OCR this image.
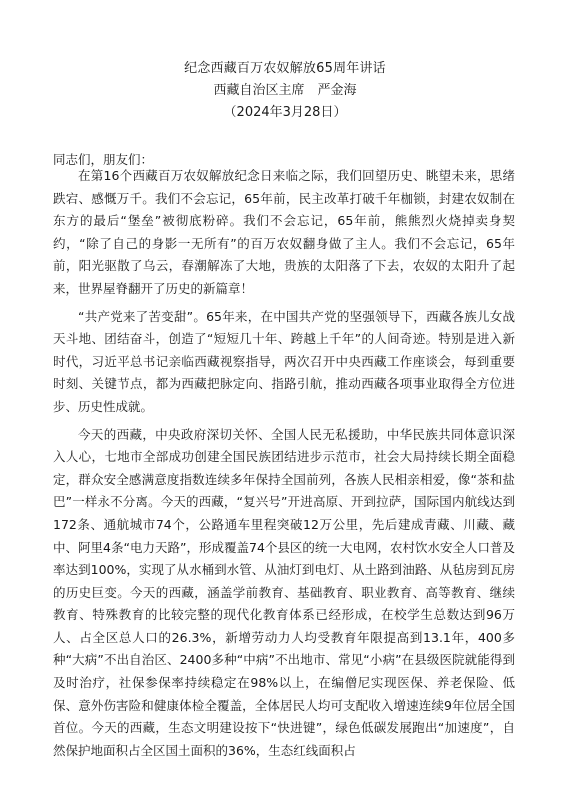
纪念西藏百万农奴解放65周年讲话
西藏自治区主席　严金海
（2024年3月28日）
同志们，朋友们：

在第16个西藏百万农奴解放纪念日来临之际，我们回望历史、眺望未来，思绪跌宕、感慨万千。我们不会忘记，65年前，民主改革打破千年枷锁，封建农奴制在东方的最后“堡垒”被彻底粉碎。我们不会忘记，65年前，熊熊烈火烧掉卖身契约，“除了自己的身影一无所有”的百万农奴翻身做了主人。我们不会忘记，65年前，阳光驱散了乌云，春潮解冻了大地，贵族的太阳落了下去，农奴的太阳升了起来，世界屋脊翻开了历史的新篇章！

“共产党来了苦变甜”。65年来，在中国共产党的坚强领导下，西藏各族儿女战天斗地、团结奋斗，创造了“短短几十年、跨越上千年”的人间奇迹。特别是进入新时代，习近平总书记亲临西藏视察指导，两次召开中央西藏工作座谈会，每到重要时刻、关键节点，都为西藏把脉定向、指路引航，推动西藏各项事业取得全方位进步、历史性成就。

今天的西藏，中央政府深切关怀、全国人民无私援助，中华民族共同体意识深入人心，七地市全部成功创建全国民族团结进步示范市，社会大局持续长期全面稳定，群众安全感满意度指数连续多年保持全国前列，各族人民相亲相爱，像“茶和盐巴”一样永不分离。今天的西藏，“复兴号”开进高原、开到拉萨，国际国内航线达到172条、通航城市74个，公路通车里程突破12万公里，先后建成青藏、川藏、藏中、阿里4条“电力天路”，形成覆盖74个县区的统一大电网，农村饮水安全人口普及率达到100%，实现了从水桶到水管、从油灯到电灯、从土路到油路、从毡房到瓦房的历史巨变。今天的西藏，涵盖学前教育、基础教育、职业教育、高等教育、继续教育、特殊教育的比较完整的现代化教育体系已经形成，在校学生总数达到96万人、占全区总人口的26.3%，新增劳动力人均受教育年限提高到13.1年，400多种“大病”不出自治区、2400多种“中病”不出地市、常见“小病”在县级医院就能得到及时治疗，社保参保率持续稳定在98%以上，在编僧尼实现医保、养老保险、低保、意外伤害险和健康体检全覆盖，全体居民人均可支配收入增速连续9年位居全国首位。今天的西藏，生态文明建设按下“快进键”，绿色低碳发展跑出“加速度”，自然保护地面积占全区国土面积的36%，生态红线面积占
